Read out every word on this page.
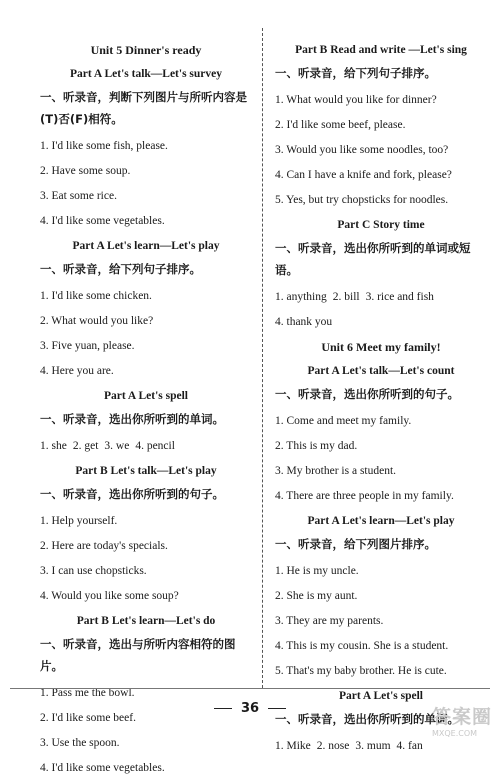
Unit 5 Dinner's ready
Part A Let's talk—Let's survey
一、听录音，判断下列图片与所听内容是(T)否(F)相符。
1. I'd like some fish, please.
2. Have some soup.
3. Eat some rice.
4. I'd like some vegetables.
Part A Let's learn—Let's play
一、听录音，给下列句子排序。
1. I'd like some chicken.
2. What would you like?
3. Five yuan, please.
4. Here you are.
Part A Let's spell
一、听录音，选出你所听到的单词。
1. she 2. get 3. we 4. pencil
Part B Let's talk—Let's play
一、听录音，选出你所听到的句子。
1. Help yourself.
2. Here are today's specials.
3. I can use chopsticks.
4. Would you like some soup?
Part B Let's learn—Let's do
一、听录音，选出与所听内容相符的图片。
1. Pass me the bowl.
2. I'd like some beef.
3. Use the spoon.
4. I'd like some vegetables.
Part B Read and write —Let's sing
一、听录音，给下列句子排序。
1. What would you like for dinner?
2. I'd like some beef, please.
3. Would you like some noodles, too?
4. Can I have a knife and fork, please?
5. Yes, but try chopsticks for noodles.
Part C Story time
一、听录音，选出你所听到的单词或短语。
1. anything 2. bill 3. rice and fish
4. thank you
Unit 6 Meet my family!
Part A Let's talk—Let's count
一、听录音，选出你所听到的句子。
1. Come and meet my family.
2. This is my dad.
3. My brother is a student.
4. There are three people in my family.
Part A Let's learn—Let's play
一、听录音，给下列图片排序。
1. He is my uncle.
2. She is my aunt.
3. They are my parents.
4. This is my cousin. She is a student.
5. That's my baby brother. He is cute.
Part A Let's spell
一、听录音，选出你所听到的单词。
1. Mike 2. nose 3. mum 4. fan
36	答案圈
MXQE.COM
